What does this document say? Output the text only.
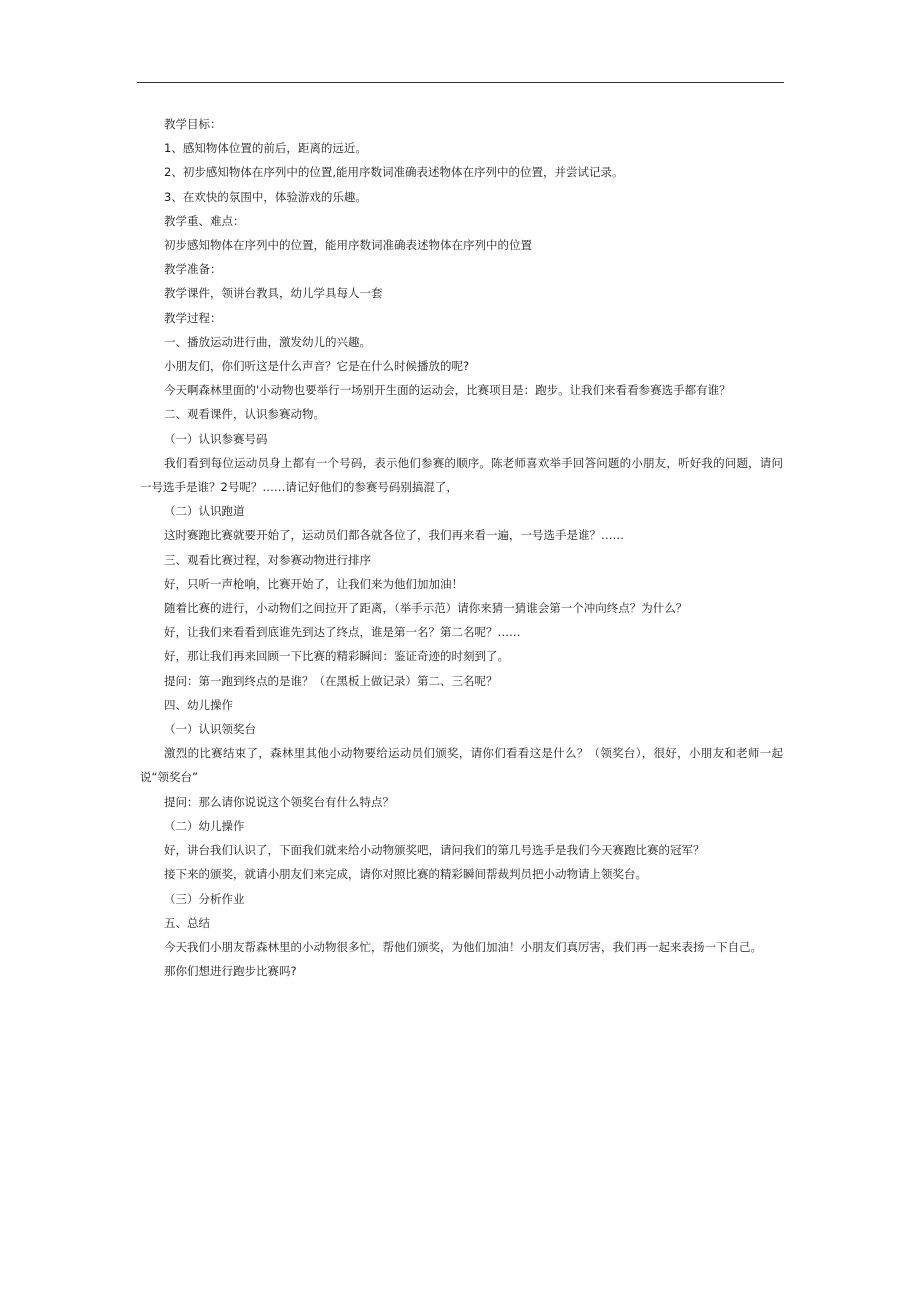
教学目标：

1、感知物体位置的前后，距离的远近。

2、初步感知物体在序列中的位置,能用序数词准确表述物体在序列中的位置，并尝试记录。

3、在欢快的氛围中，体验游戏的乐趣。

教学重、难点：

初步感知物体在序列中的位置，能用序数词准确表述物体在序列中的位置

教学准备：

教学课件，领讲台教具，幼儿学具每人一套

教学过程：

一、播放运动进行曲，激发幼儿的兴趣。

小朋友们，你们听这是什么声音？它是在什么时候播放的呢?

今天啊森林里面的'小动物也要举行一场别开生面的运动会，比赛项目是：跑步。让我们来看看参赛选手都有谁？

二、观看课件，认识参赛动物。

（一）认识参赛号码

我们看到每位运动员身上都有一个号码，表示他们参赛的顺序。陈老师喜欢举手回答问题的小朋友，听好我的问题，请问一号选手是谁？2号呢？……请记好他们的参赛号码别搞混了，

（二）认识跑道

这时赛跑比赛就要开始了，运动员们都各就各位了，我们再来看一遍，一号选手是谁？……

三、观看比赛过程，对参赛动物进行排序

好，只听一声枪响，比赛开始了，让我们来为他们加加油！

随着比赛的进行，小动物们之间拉开了距离，（举手示范）请你来猜一猜谁会第一个冲向终点？为什么？

好，让我们来看看到底谁先到达了终点，谁是第一名？第二名呢？……

好，那让我们再来回顾一下比赛的精彩瞬间：鉴证奇迹的时刻到了。

提问：第一跑到终点的是谁？（在黑板上做记录）第二、三名呢？

四、幼儿操作

（一）认识领奖台

激烈的比赛结束了，森林里其他小动物要给运动员们颁奖，请你们看看这是什么？（领奖台），很好，小朋友和老师一起说“领奖台”

提问：那么请你说说这个领奖台有什么特点？

（二）幼儿操作

好，讲台我们认识了，下面我们就来给小动物颁奖吧，请问我们的第几号选手是我们今天赛跑比赛的冠军？

接下来的颁奖，就请小朋友们来完成，请你对照比赛的精彩瞬间帮裁判员把小动物请上领奖台。

（三）分析作业

五、总结

今天我们小朋友帮森林里的小动物很多忙，帮他们颁奖，为他们加油！小朋友们真厉害，我们再一起来表扬一下自己。

那你们想进行跑步比赛吗?
